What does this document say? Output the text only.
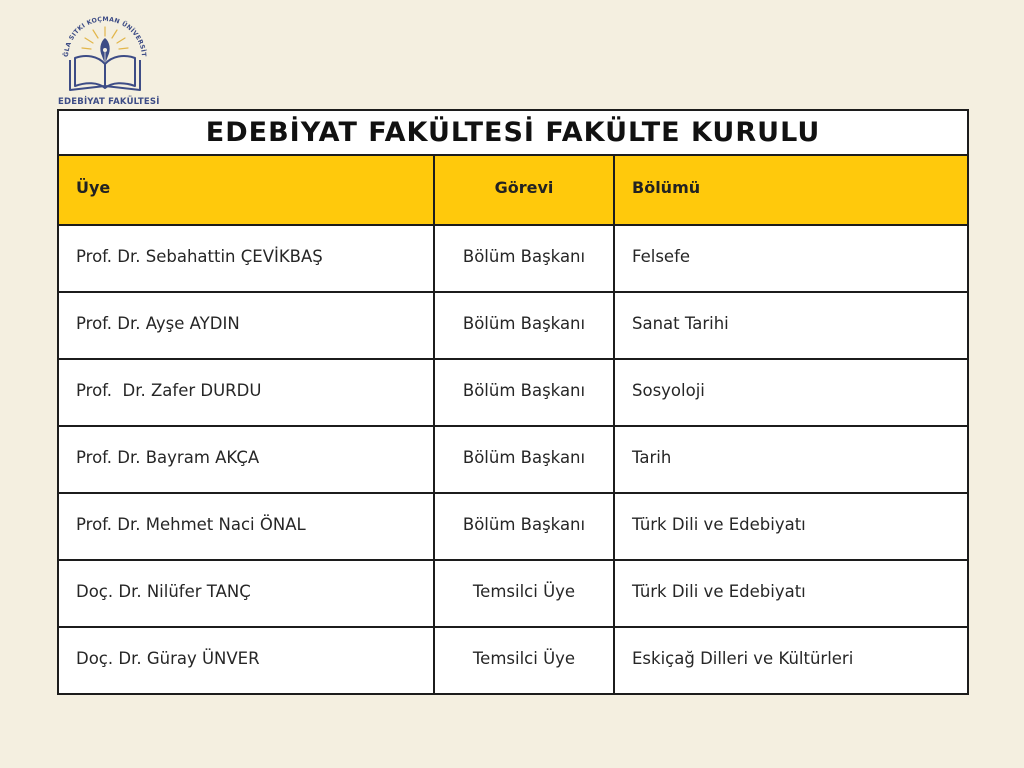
ĞLA SITKI KOÇMAN ÜNİVERSİT
EDEBİYAT FAKÜLTESİ
EDEBİYAT FAKÜLTESİ FAKÜLTE KURULU		
Üye	Görevi	Bölümü
Prof. Dr. Sebahattin ÇEVİKBAŞ	Bölüm Başkanı	Felsefe
Prof. Dr. Ayşe AYDIN	Bölüm Başkanı	Sanat Tarihi
Prof.  Dr. Zafer DURDU	Bölüm Başkanı	Sosyoloji
Prof. Dr. Bayram AKÇA	Bölüm Başkanı	Tarih
Prof. Dr. Mehmet Naci ÖNAL	Bölüm Başkanı	Türk Dili ve Edebiyatı
Doç. Dr. Nilüfer TANÇ	Temsilci Üye	Türk Dili ve Edebiyatı
Doç. Dr. Güray ÜNVER	Temsilci Üye	Eskiçağ Dilleri ve Kültürleri
